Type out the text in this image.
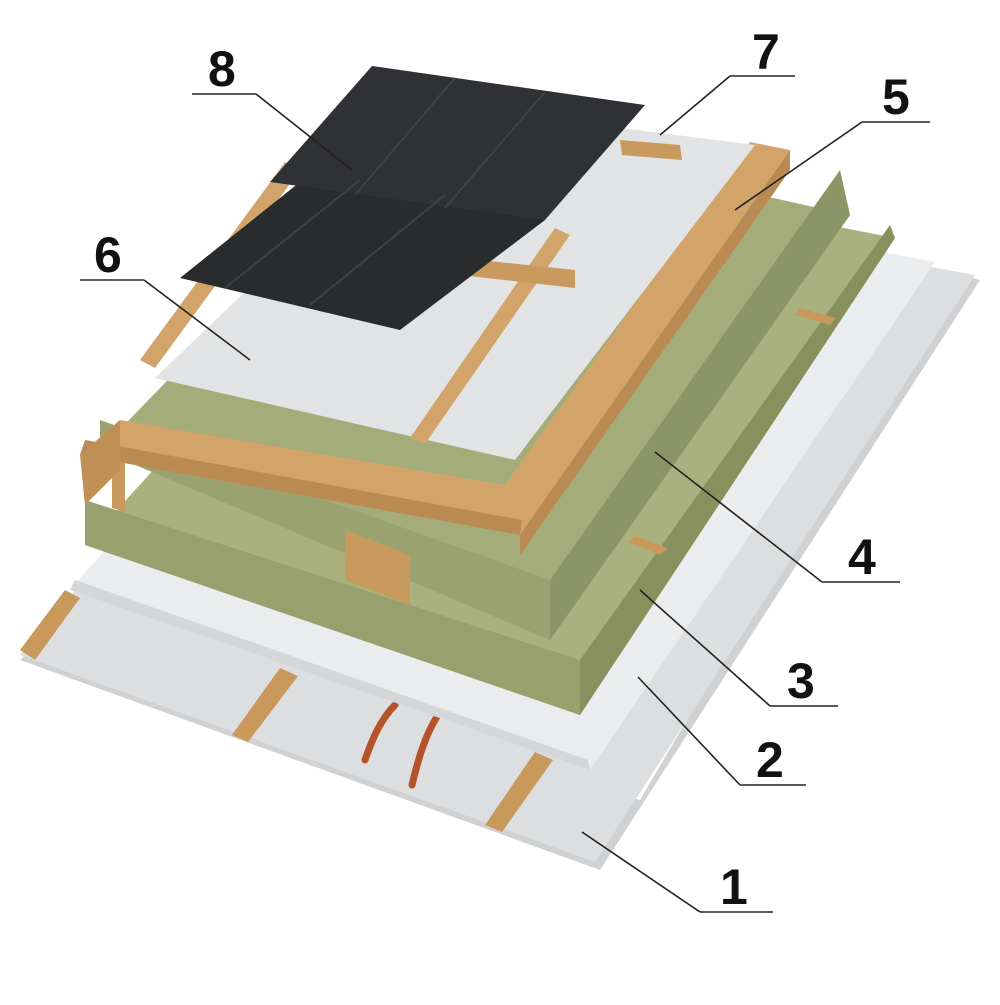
1
2
3
4
5
6
7
8
